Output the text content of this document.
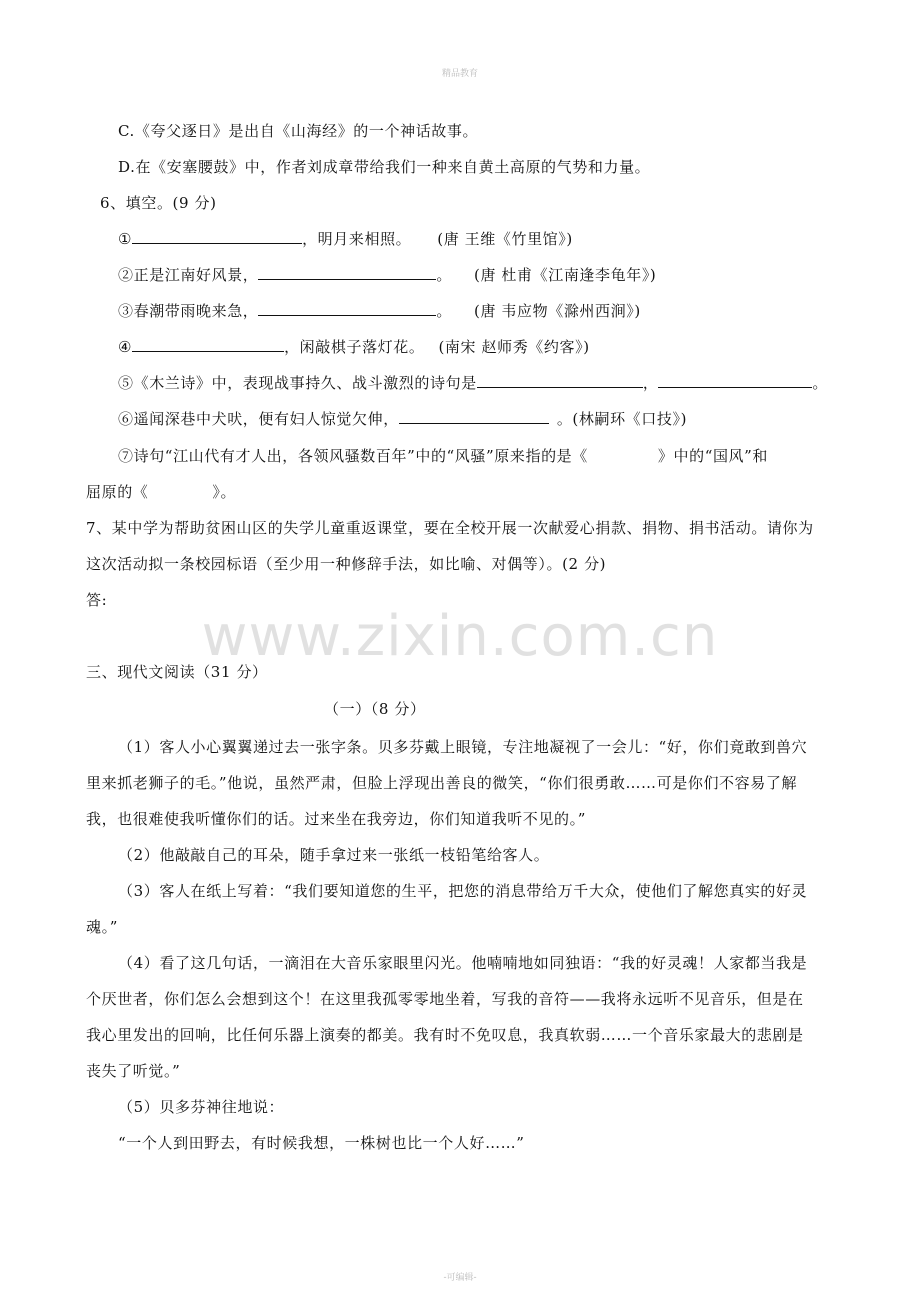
精品教育
C.《夸父逐日》是出自《山海经》的一个神话故事。
D.在《安塞腰鼓》中，作者刘成章带给我们一种来自黄土高原的气势和力量。
6、填空。(9 分)
①	，明月来相照。 (唐 王维《竹里馆》)
②正是江南好风景，	。 (唐 杜甫《江南逢李龟年》)
③春潮带雨晚来急，	。 (唐 韦应物《滁州西涧》)
④	，闲敲棋子落灯花。 (南宋 赵师秀《约客》)
⑤《木兰诗》中，表现战事持久、战斗激烈的诗句是	，	。
⑥遥闻深巷中犬吠，便有妇人惊觉欠伸，	。(林嗣环《口技》)
⑦诗句“江山代有才人出，各领风骚数百年”中的“风骚”原来指的是《	》中的“国风”和
屈原的《	》。
7、某中学为帮助贫困山区的失学儿童重返课堂，要在全校开展一次献爱心捐款、捐物、捐书活动。请你为
这次活动拟一条校园标语（至少用一种修辞手法，如比喻、对偶等）。(2 分)
答:
www.zixin.com.cn
三、现代文阅读（31 分）
（一）（8 分）
（1）客人小心翼翼递过去一张字条。贝多芬戴上眼镜，专注地凝视了一会儿：“好，你们竟敢到兽穴
里来抓老狮子的毛。”他说，虽然严肃，但脸上浮现出善良的微笑，“你们很勇敢……可是你们不容易了解
我，也很难使我听懂你们的话。过来坐在我旁边，你们知道我听不见的。”
（2）他敲敲自己的耳朵，随手拿过来一张纸一枝铅笔给客人。
（3）客人在纸上写着：“我们要知道您的生平，把您的消息带给万千大众，使他们了解您真实的好灵
魂。”
（4）看了这几句话，一滴泪在大音乐家眼里闪光。他喃喃地如同独语：“我的好灵魂！人家都当我是
个厌世者，你们怎么会想到这个！在这里我孤零零地坐着，写我的音符——我将永远听不见音乐，但是在
我心里发出的回响，比任何乐器上演奏的都美。我有时不免叹息，我真软弱……一个音乐家最大的悲剧是
丧失了听觉。”
（5）贝多芬神往地说：
“一个人到田野去，有时候我想，一株树也比一个人好……”
-可编辑-
